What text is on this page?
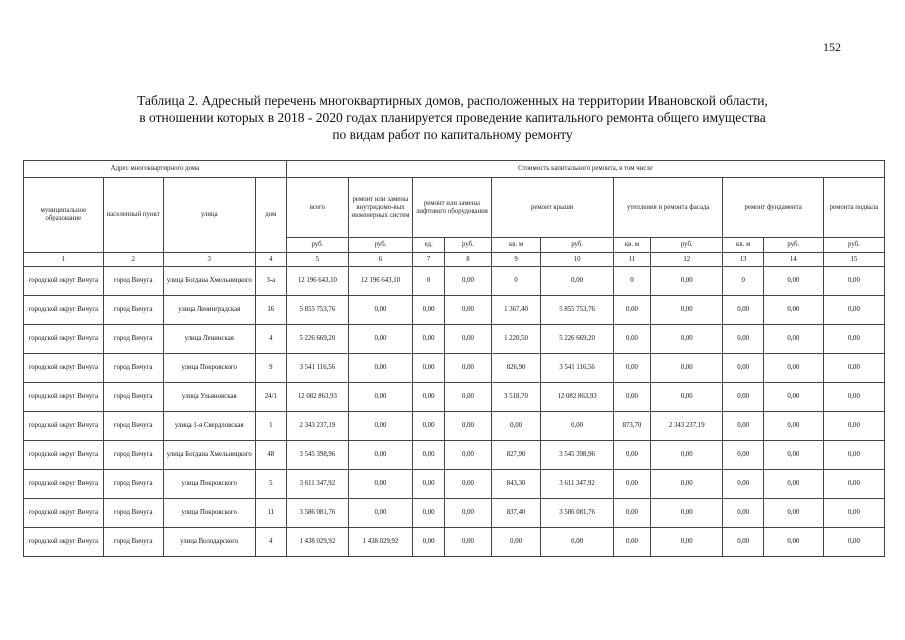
152
Таблица 2. Адресный перечень многоквартирных домов, расположенных на территории Ивановской области,
в отношении которых в 2018 - 2020 годах планируется проведение капитального ремонта общего имущества
по видам работ по капитальному ремонту
Адрес многоквартирного дома				Стоимость капитального ремонта, в том числе										
муниципальное образование	населенный пункт	улица	дом	всего	ремонт или замены внутридомо-вых инженерных систем	ремонт или замены лифтового оборудования		ремонт крыши		утепления и ремонта фасада		ремонт фундамента		ремонта подвала
				руб.	руб.	ед.	руб.	кв. м	руб.	кв. м	руб.	кв. м	руб.	руб.
1	2	3	4	5	6	7	8	9	10	11	12	13	14	15
городской округ Вичуга	город Вичуга	улица Богдана Хмельницкого	3-а	12 196 643,10	12 196 643,10	0	0,00	0	0,00	0	0,00	0	0,00	0,00
городской округ Вичуга	город Вичуга	улица Ленинградская	16	5 855 753,76	0,00	0,00	0,00	1 367,40	5 855 753,76	0,00	0,00	0,00	0,00	0,00
городской округ Вичуга	город Вичуга	улица Ленинская	4	5 226 669,20	0,00	0,00	0,00	1 220,50	5 226 669,20	0,00	0,00	0,00	0,00	0,00
городской округ Вичуга	город Вичуга	улица Покровского	9	3 541 116,56	0,00	0,00	0,00	826,90	3 541 116,56	0,00	0,00	0,00	0,00	0,00
городской округ Вичуга	город Вичуга	улица Ульяновская	24/1	12 082 863,93	0,00	0,00	0,00	3 518,70	12 082 863,93	0,00	0,00	0,00	0,00	0,00
городской округ Вичуга	город Вичуга	улица 1-я Свердловская	1	2 343 237,19	0,00	0,00	0,00	0,00	0,00	873,70	2 343 237,19	0,00	0,00	0,00
городской округ Вичуга	город Вичуга	улица Богдана Хмельницкого	48	3 545 398,96	0,00	0,00	0,00	827,90	3 545 398,96	0,00	0,00	0,00	0,00	0,00
городской округ Вичуга	город Вичуга	улица Покровского	5	3 611 347,92	0,00	0,00	0,00	843,30	3 611 347,92	0,00	0,00	0,00	0,00	0,00
городской округ Вичуга	город Вичуга	улица Покровского	11	3 586 081,76	0,00	0,00	0,00	837,40	3 586 081,76	0,00	0,00	0,00	0,00	0,00
городской округ Вичуга	город Вичуга	улица Володарского	4	1 438 029,92	1 438 029,92	0,00	0,00	0,00	0,00	0,00	0,00	0,00	0,00	0,00
